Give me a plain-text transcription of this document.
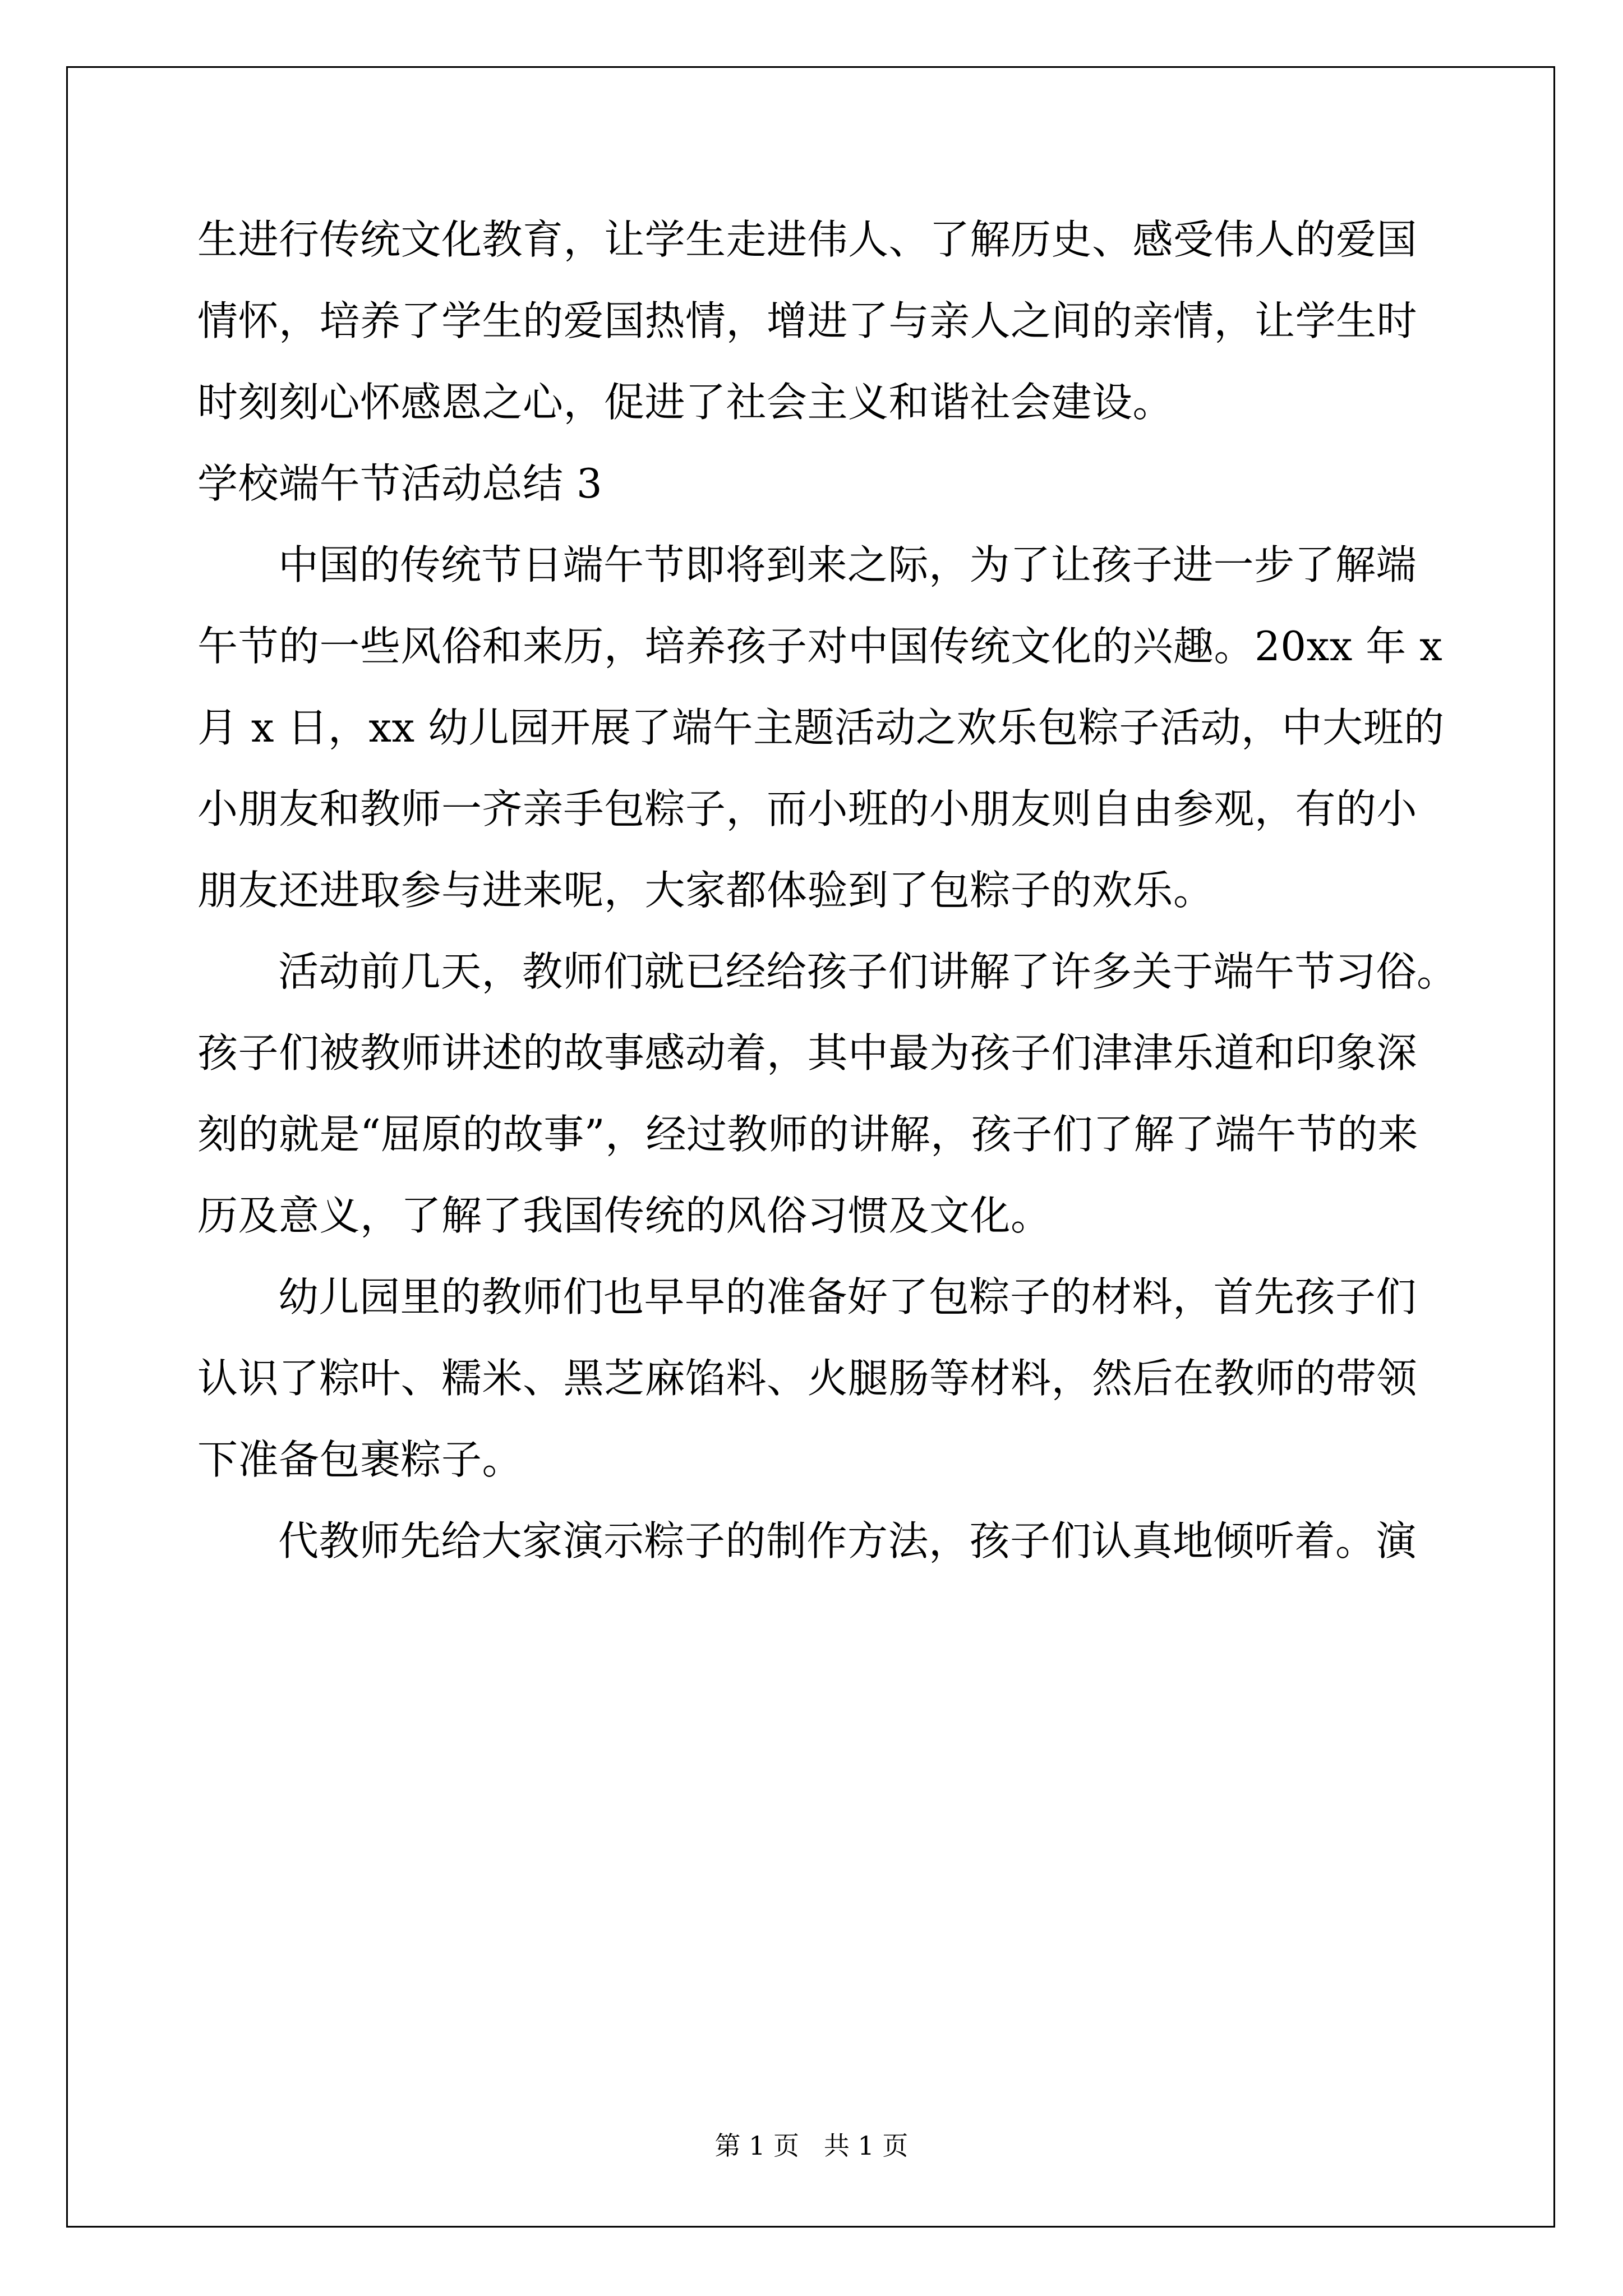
生进行传统文化教育，让学生走进伟人、了解历史、感受伟人的爱国
情怀，培养了学生的爱国热情，增进了与亲人之间的亲情，让学生时
时刻刻心怀感恩之心，促进了社会主义和谐社会建设。
学校端午节活动总结 3
中国的传统节日端午节即将到来之际，为了让孩子进一步了解端
午节的一些风俗和来历，培养孩子对中国传统文化的兴趣。20xx 年 x
月 x 日，xx 幼儿园开展了端午主题活动之欢乐包粽子活动，中大班的
小朋友和教师一齐亲手包粽子，而小班的小朋友则自由参观，有的小
朋友还进取参与进来呢，大家都体验到了包粽子的欢乐。
活动前几天，教师们就已经给孩子们讲解了许多关于端午节习俗。
孩子们被教师讲述的故事感动着，其中最为孩子们津津乐道和印象深
刻的就是“屈原的故事”，经过教师的讲解，孩子们了解了端午节的来
历及意义，了解了我国传统的风俗习惯及文化。
幼儿园里的教师们也早早的准备好了包粽子的材料，首先孩子们
认识了粽叶、糯米、黑芝麻馅料、火腿肠等材料，然后在教师的带领
下准备包裹粽子。
代教师先给大家演示粽子的制作方法，孩子们认真地倾听着。演
第 1 页   共 1 页
